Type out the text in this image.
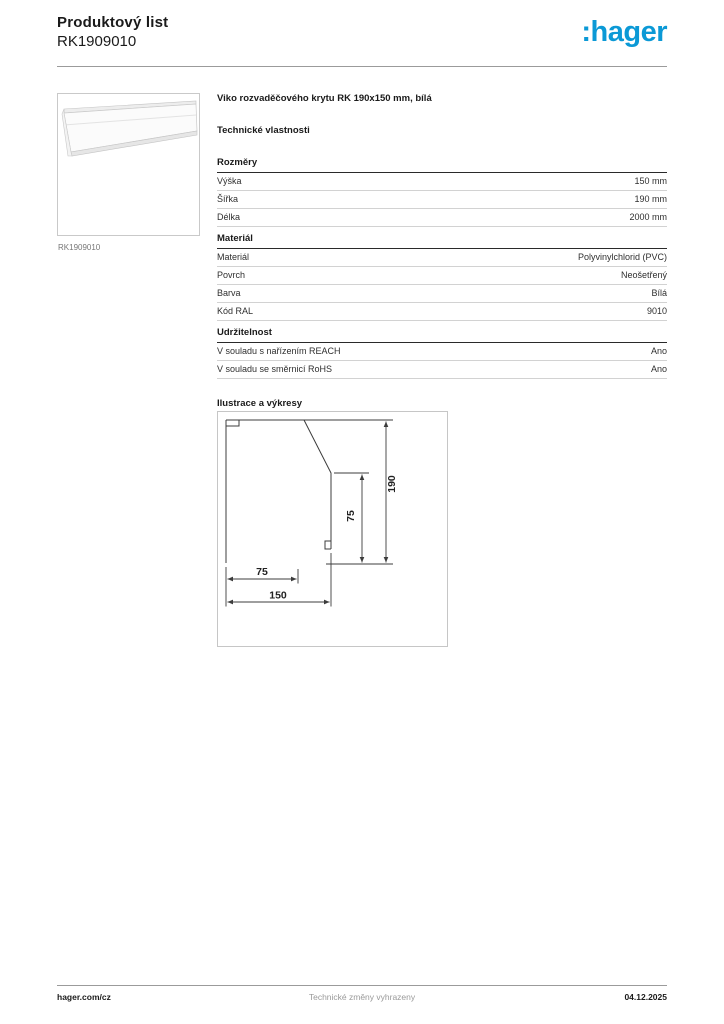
Produktový list
RK1909010	:hager
RK1909010
Viko rozvaděčového krytu RK 190x150 mm, bílá
Technické vlastnosti
Rozměry
Výška	150 mm
Šířka	190 mm
Délka	2000 mm
Materiál
Materiál	Polyvinylchlorid (PVC)
Povrch	Neošetřený
Barva	Bílá
Kód RAL	9010
Udržitelnost
V souladu s nařízením REACH	Ano
V souladu se směrnicí RoHS	Ano
Ilustrace a výkresy
190
75
75
150
hager.com/cz	Technické změny vyhrazeny	04.12.2025
